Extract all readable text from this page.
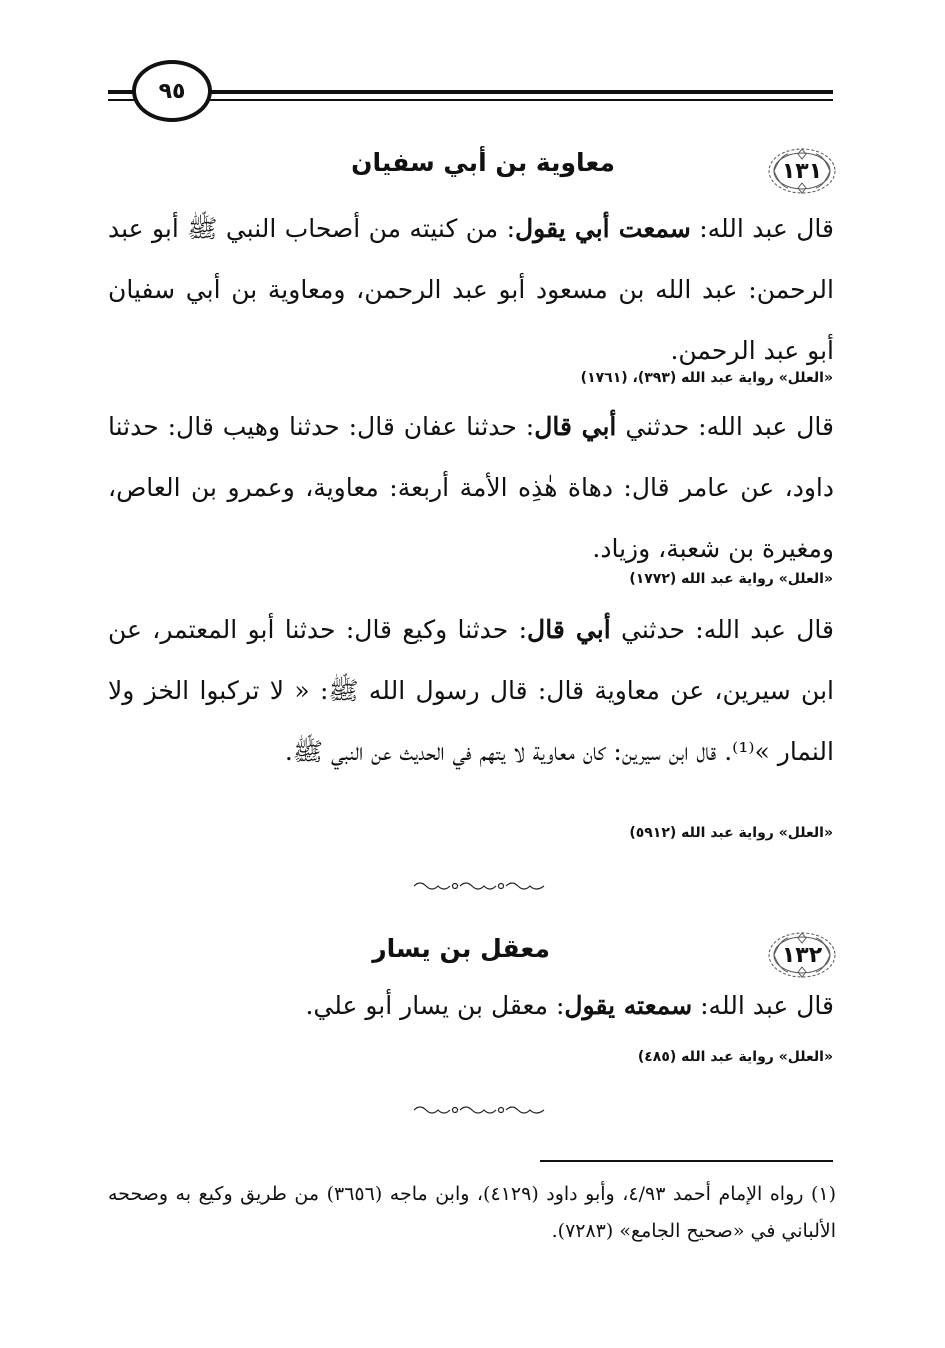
٩٥
١٣١
معاوية بن أبي سفيان
قال عبد الله: سمعت أبي يقول: من كنيته من أصحاب النبي ﷺ أبو عبد الرحمن: عبد الله بن مسعود أبو عبد الرحمن، ومعاوية بن أبي سفيان أبو عبد الرحمن.
«العلل» رواية عبد الله (٣٩٣)، (١٧٦١)
قال عبد الله: حدثني أبي قال: حدثنا عفان قال: حدثنا وهيب قال: حدثنا داود، عن عامر قال: دهاة هٰذِه الأمة أربعة: معاوية، وعمرو بن العاص، ومغيرة بن شعبة، وزياد.
«العلل» رواية عبد الله (١٧٧٢)
قال عبد الله: حدثني أبي قال: حدثنا وكيع قال: حدثنا أبو المعتمر، عن ابن سيرين، عن معاوية قال: قال رسول الله ﷺ: « لا تركبوا الخز ولا النمار »⁽¹⁾. قال ابن سيرين: كان معاوية لا يتهم في الحديث عن النبي ﷺ.
«العلل» رواية عبد الله (٥٩١٢)
١٣٢
معقل بن يسار
قال عبد الله: سمعته يقول: معقل بن يسار أبو علي.
«العلل» رواية عبد الله (٤٨٥)
(١) رواه الإمام أحمد ٤/٩٣، وأبو داود (٤١٢٩)، وابن ماجه (٣٦٥٦) من طريق وكيع به وصححه الألباني في «صحيح الجامع» (٧٢٨٣).
